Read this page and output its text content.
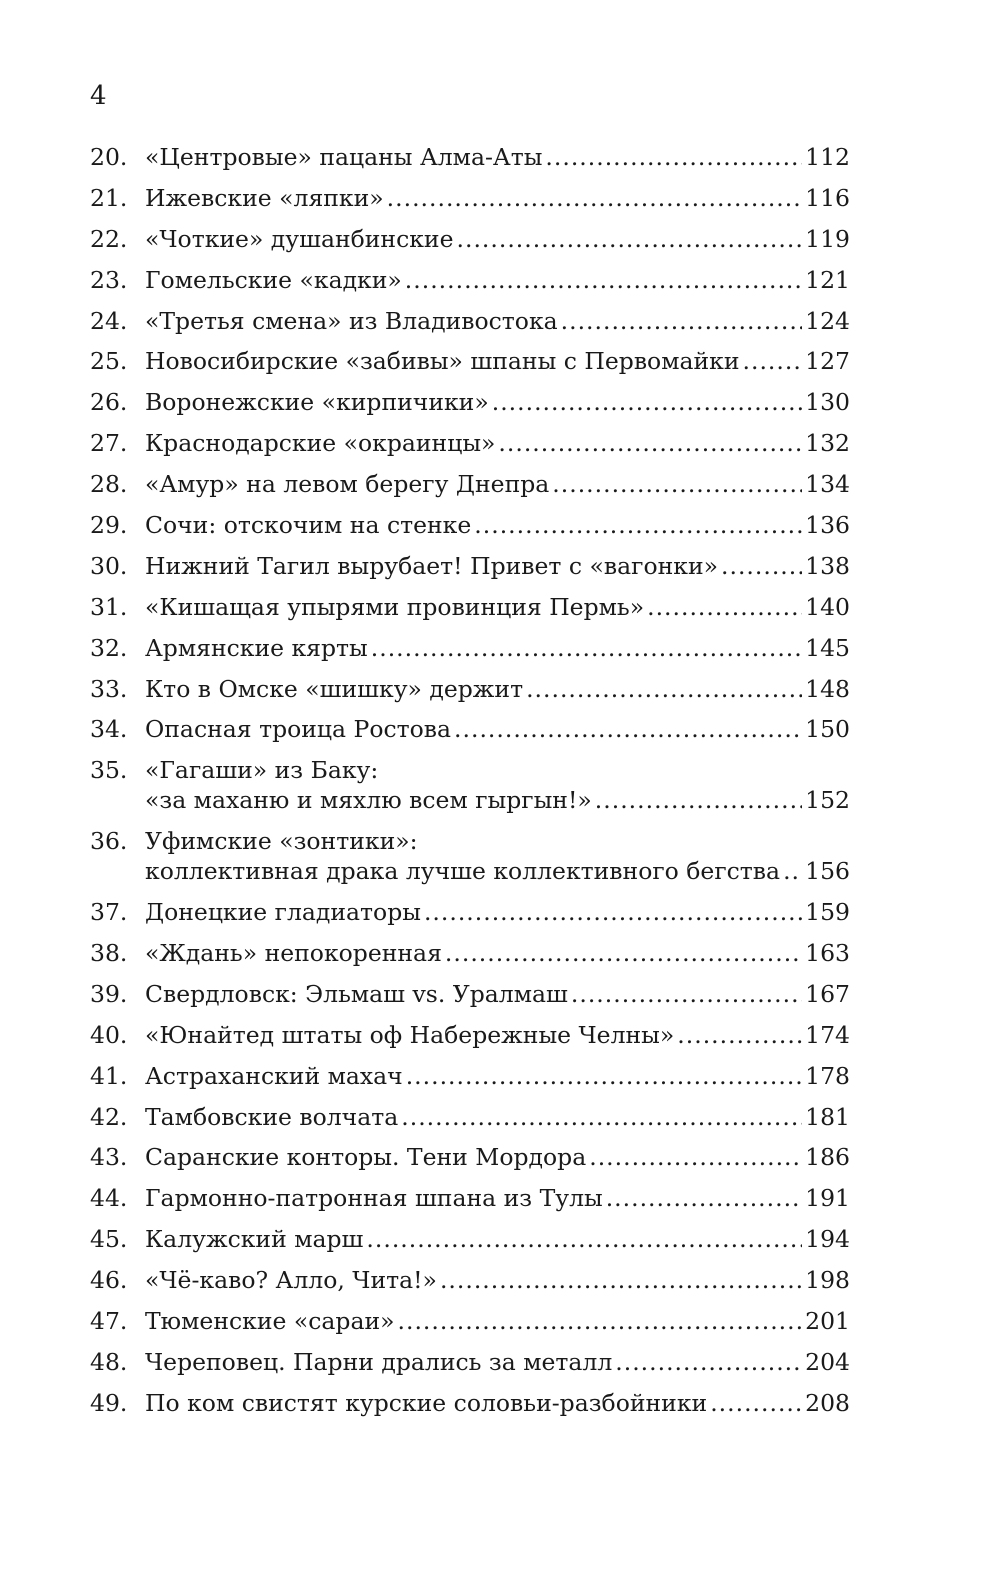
4
20. «Центровые» пацаны Алма-Аты .....	112
21. Ижевские «ляпки» .....	116
22. «Чоткие» душанбинские .....	119
23. Гомельские «кадки» .....	121
24. «Третья смена» из Владивостока .....	124
25. Новосибирские «забивы» шпаны с Первомайки .....	127
26. Воронежские «кирпичики» .....	130
27. Краснодарские «окраинцы» .....	132
28. «Амур» на левом берегу Днепра .....	134
29. Сочи: отскочим на стенке .....	136
30. Нижний Тагил вырубает! Привет с «вагонки» .....	138
31. «Кишащая упырями провинция Пермь» .....	140
32. Армянские кярты .....	145
33. Кто в Омске «шишку» держит .....	148
34. Опасная троица Ростова .....	150
35. «Гагаши» из Баку:
«за маханю и мяхлю всем гыргын!» .....	152
36. Уфимские «зонтики»:
коллективная драка лучше коллективного бегства ..... 156
37. Донецкие гладиаторы .....	159
38. «Ждань» непокоренная .....	163
39. Свердловск: Эльмаш vs. Уралмаш .....	167
40. «Юнайтед штаты оф Набережные Челны» .....	174
41. Астраханский махач .....	178
42. Тамбовские волчата .....	181
43. Саранские конторы. Тени Мордора .....	186
44. Гармонно-патронная шпана из Тулы .....	191
45. Калужский марш .....	194
46. «Чё-каво? Алло, Чита!» .....	198
47. Тюменские «сараи» .....	201
48. Череповец. Парни дрались за металл .....	204
49. По ком свистят курские соловьи-разбойники .....	208
